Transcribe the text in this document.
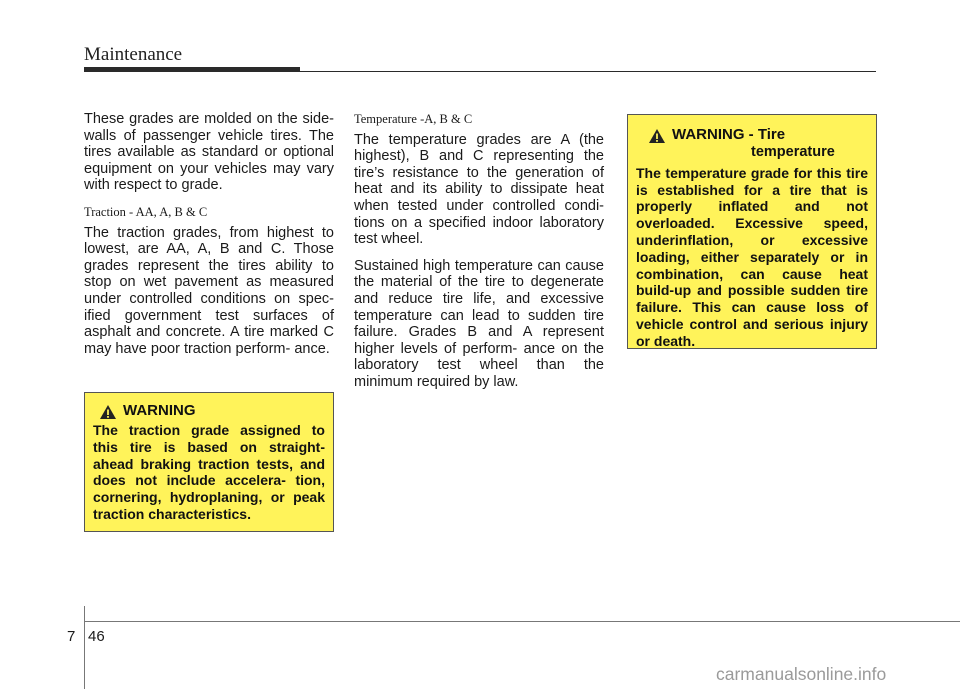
Maintenance

These grades are molded on the side-walls of passenger vehicle tires. The tires available as standard or optional equipment on your vehicles may vary with respect to grade.

Traction - AA, A, B & C

The traction grades, from highest to lowest, are AA, A, B and C. Those grades represent the tires ability to stop on wet pavement as measured under controlled conditions on spec- ified government test surfaces of asphalt and concrete. A tire marked C may have poor traction perform- ance.

Temperature -A, B & C

The temperature grades are A (the highest), B and C representing the tire’s resistance to the generation of heat and its ability to dissipate heat when tested under controlled condi- tions on a specified indoor laboratory test wheel.

Sustained high temperature can cause the material of the tire to degenerate and reduce tire life, and excessive temperature can lead to sudden tire failure. Grades B and A represent higher levels of perform- ance on the laboratory test wheel than the minimum required by law.

WARNING
The traction grade assigned to this tire is based on straight- ahead braking traction tests, and does not include accelera- tion, cornering, hydroplaning, or peak traction characteristics.
WARNING - Tire
temperature
The temperature grade for this tire is established for a tire that is properly inflated and not overloaded. Excessive speed, underinflation, or excessive loading, either separately or in combination, can cause heat build-up and possible sudden tire failure. This can cause loss of vehicle control and serious injury or death.
7 46
carmanualsonline.info
